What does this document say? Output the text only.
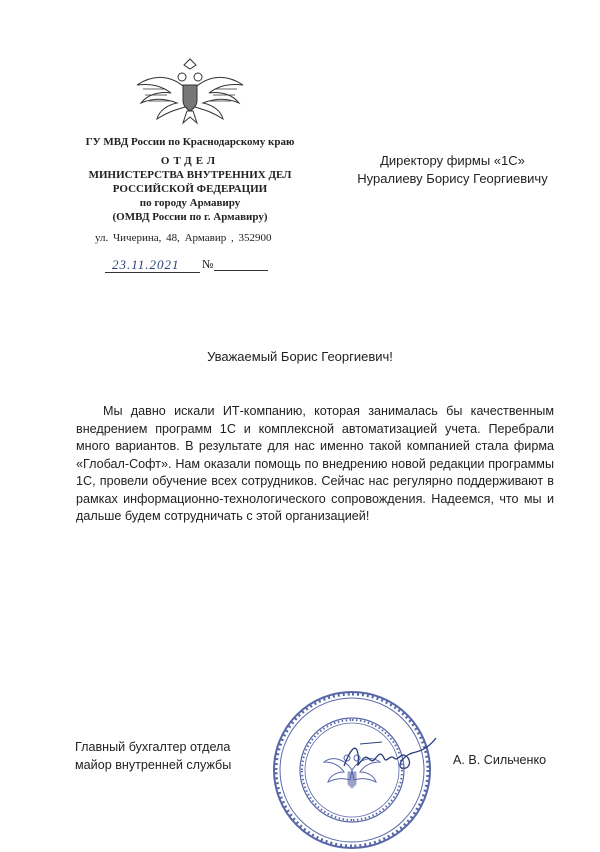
ГУ МВД России по Краснодарскому краю
ОТДЕЛ
МИНИСТЕРСТВА ВНУТРЕННИХ ДЕЛ
РОССИЙСКОЙ ФЕДЕРАЦИИ
по городу Армавиру
(ОМВД России по г. Армавиру)
ул. Чичерина, 48, Армавир , 352900
23.11.2021 №
Директору фирмы «1С»
Нуралиеву Борису Георгиевичу
Уважаемый Борис Георгиевич!
Мы давно искали ИТ-компанию, которая занималась бы качественным внедрением программ 1С и комплексной автоматизацией учета. Перебрали много вариантов. В результате для нас именно такой компанией стала фирма «Глобал-Софт». Нам оказали помощь по внедрению новой редакции программы 1С, провели обучение всех сотрудников. Сейчас нас регулярно поддерживают в рамках информационно-технологического сопровождения. Надеемся, что мы и дальше будем сотрудничать с этой организацией!
Главный бухгалтер отдела
майор внутренней службы	А. В. Сильченко
